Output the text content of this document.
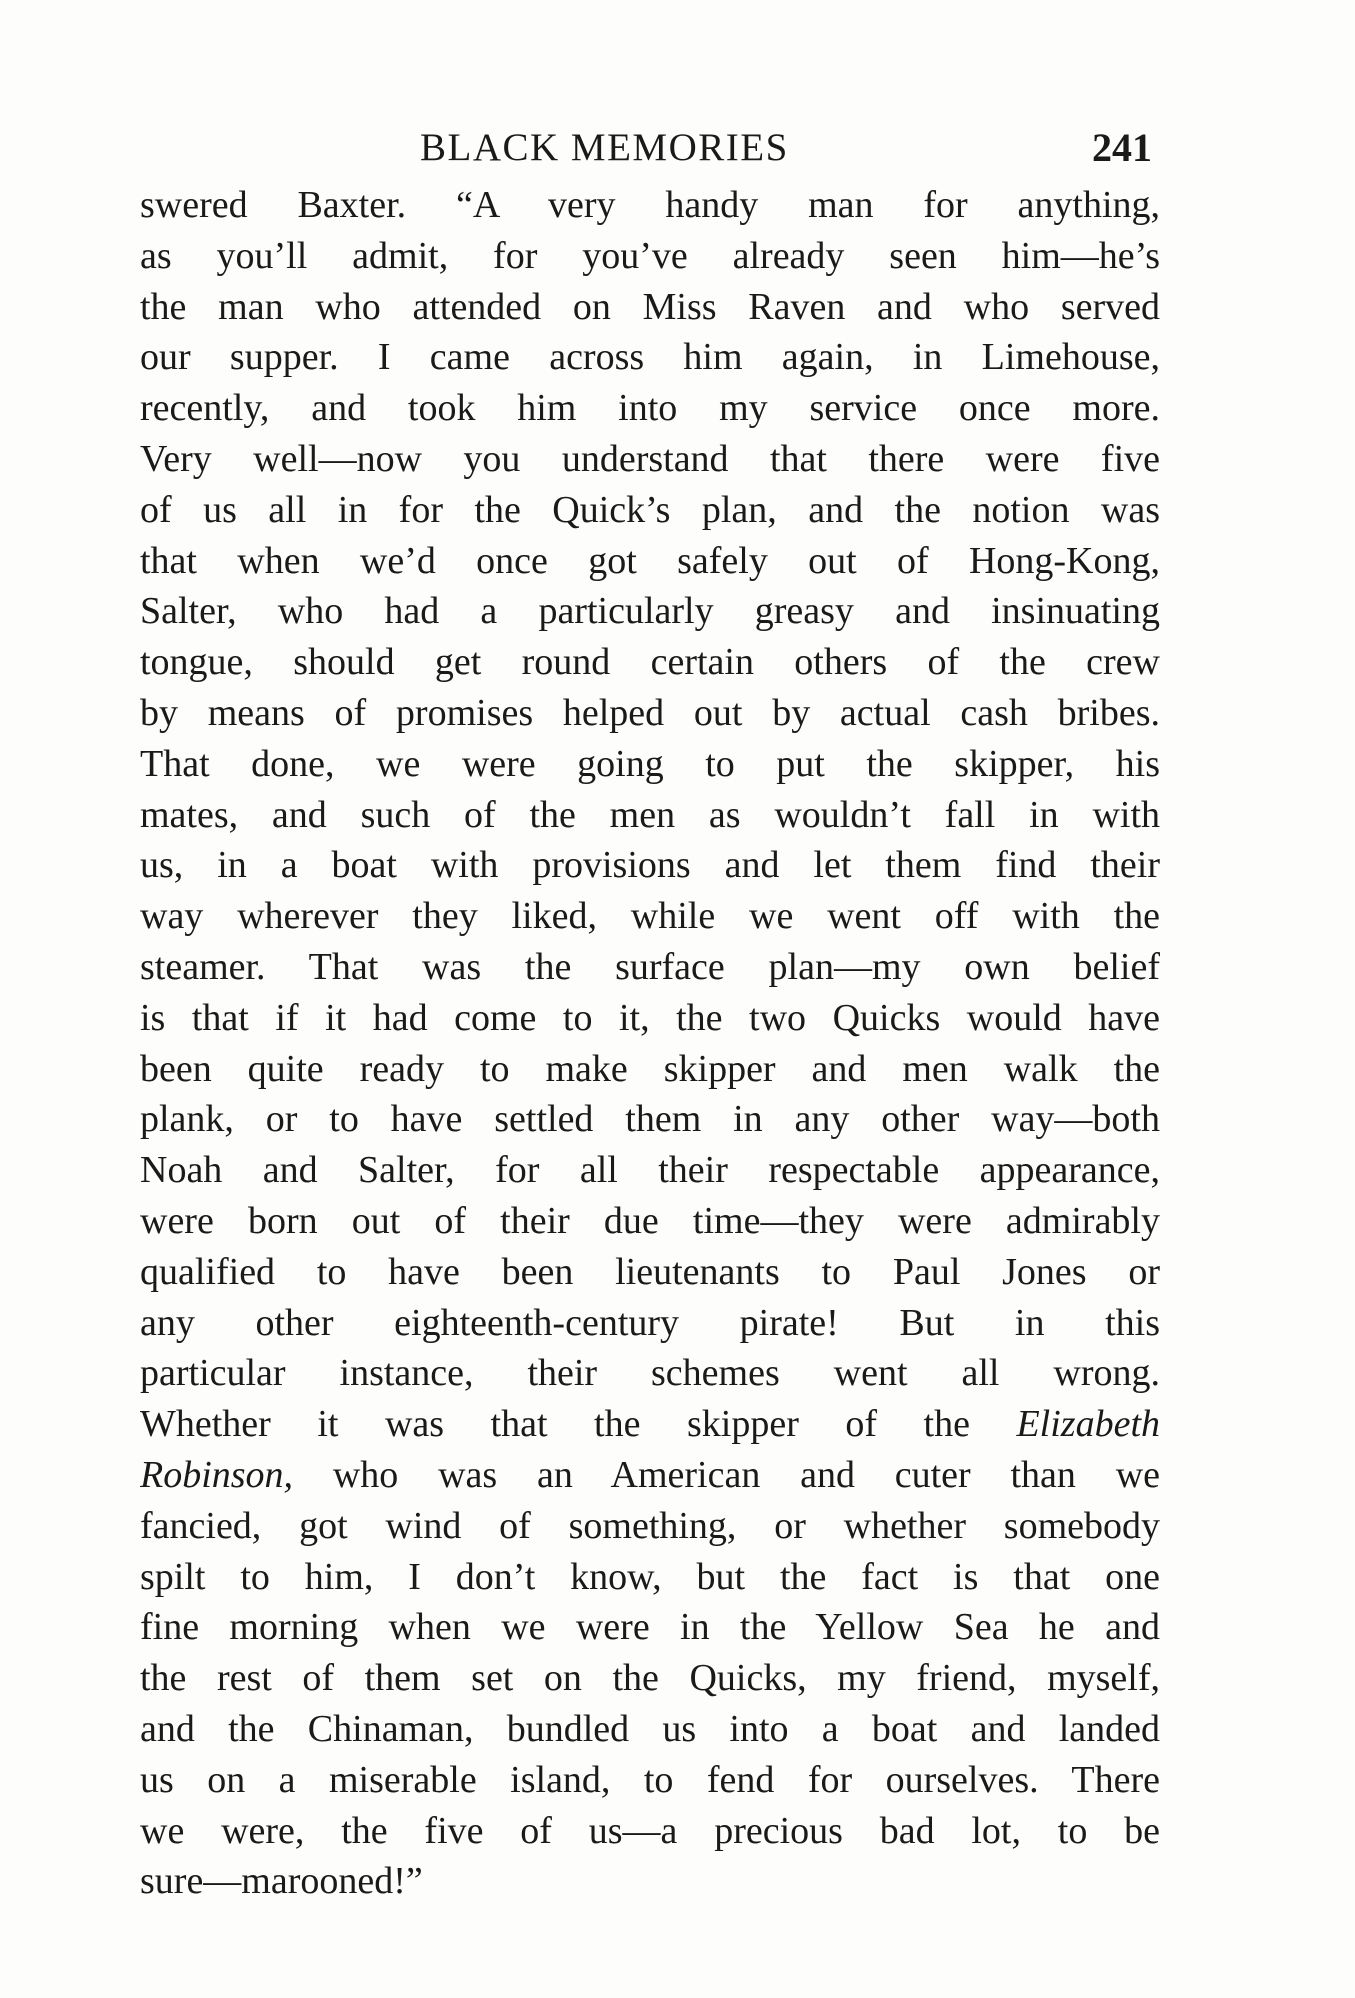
BLACK MEMORIES	241
swered Baxter. “A very handy man for anything,
as you’ll admit, for you’ve already seen him—he’s
the man who attended on Miss Raven and who served
our supper. I came across him again, in Limehouse,
recently, and took him into my service once more.
Very well—now you understand that there were five
of us all in for the Quick’s plan, and the notion was
that when we’d once got safely out of Hong-Kong,
Salter, who had a particularly greasy and insinuating
tongue, should get round certain others of the crew
by means of promises helped out by actual cash bribes.
That done, we were going to put the skipper, his
mates, and such of the men as wouldn’t fall in with
us, in a boat with provisions and let them find their
way wherever they liked, while we went off with the
steamer. That was the surface plan—my own belief
is that if it had come to it, the two Quicks would have
been quite ready to make skipper and men walk the
plank, or to have settled them in any other way—both
Noah and Salter, for all their respectable appearance,
were born out of their due time—they were admirably
qualified to have been lieutenants to Paul Jones or
any other eighteenth-century pirate! But in this
particular instance, their schemes went all wrong.
Whether it was that the skipper of the Elizabeth
Robinson, who was an American and cuter than we
fancied, got wind of something, or whether somebody
spilt to him, I don’t know, but the fact is that one
fine morning when we were in the Yellow Sea he and
the rest of them set on the Quicks, my friend, myself,
and the Chinaman, bundled us into a boat and landed
us on a miserable island, to fend for ourselves. There
we were, the five of us—a precious bad lot, to be
sure—marooned!”
